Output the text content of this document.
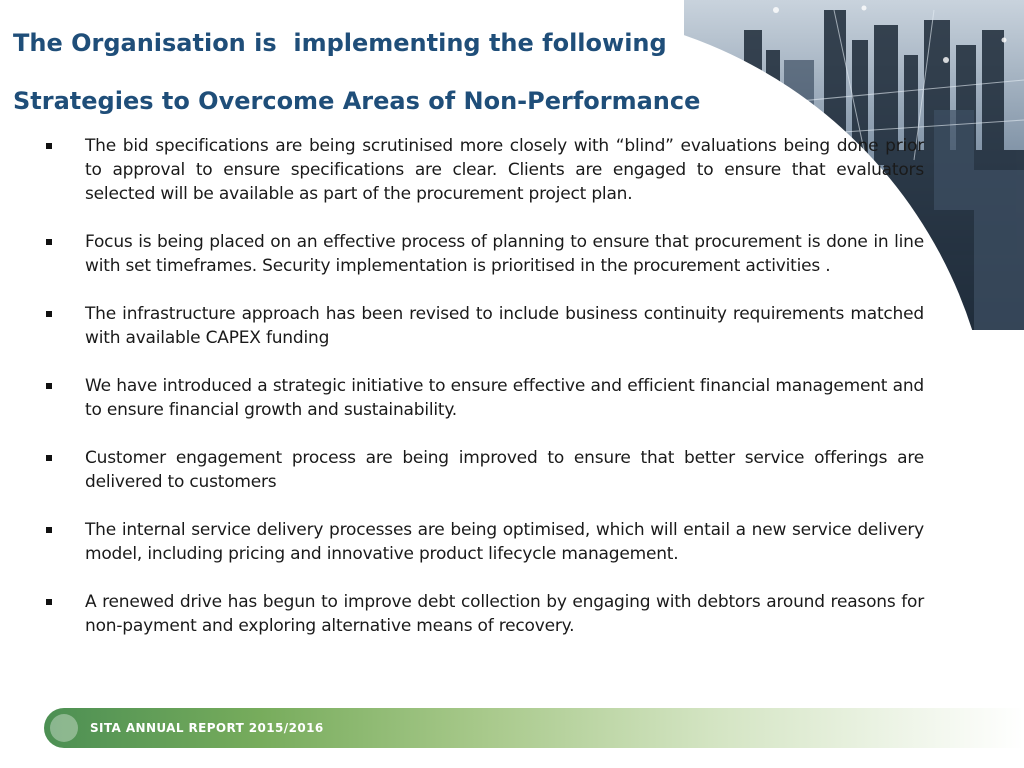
The Organisation is  implementing the following
Strategies to Overcome Areas of Non-Performance
The bid specifications are being scrutinised more closely with “blind” evaluations being done prior to approval to ensure specifications are clear. Clients are engaged to ensure that evaluators selected will be available as part of the procurement project plan.
Focus is being placed on an effective process of planning to ensure that procurement is done in line with set timeframes. Security implementation is prioritised in the procurement activities .
The infrastructure approach has been revised to include business continuity requirements matched with available CAPEX funding
We have introduced a strategic initiative to ensure effective and efficient financial management and to ensure financial growth and sustainability.
Customer engagement process are being improved to ensure that better service offerings are delivered to customers
The internal service delivery processes are being optimised, which will entail a new service delivery model, including pricing and innovative product lifecycle management.
A renewed drive has begun to improve debt collection by engaging with debtors around reasons for non-payment and exploring alternative means of recovery.
SITA ANNUAL REPORT 2015/2016
